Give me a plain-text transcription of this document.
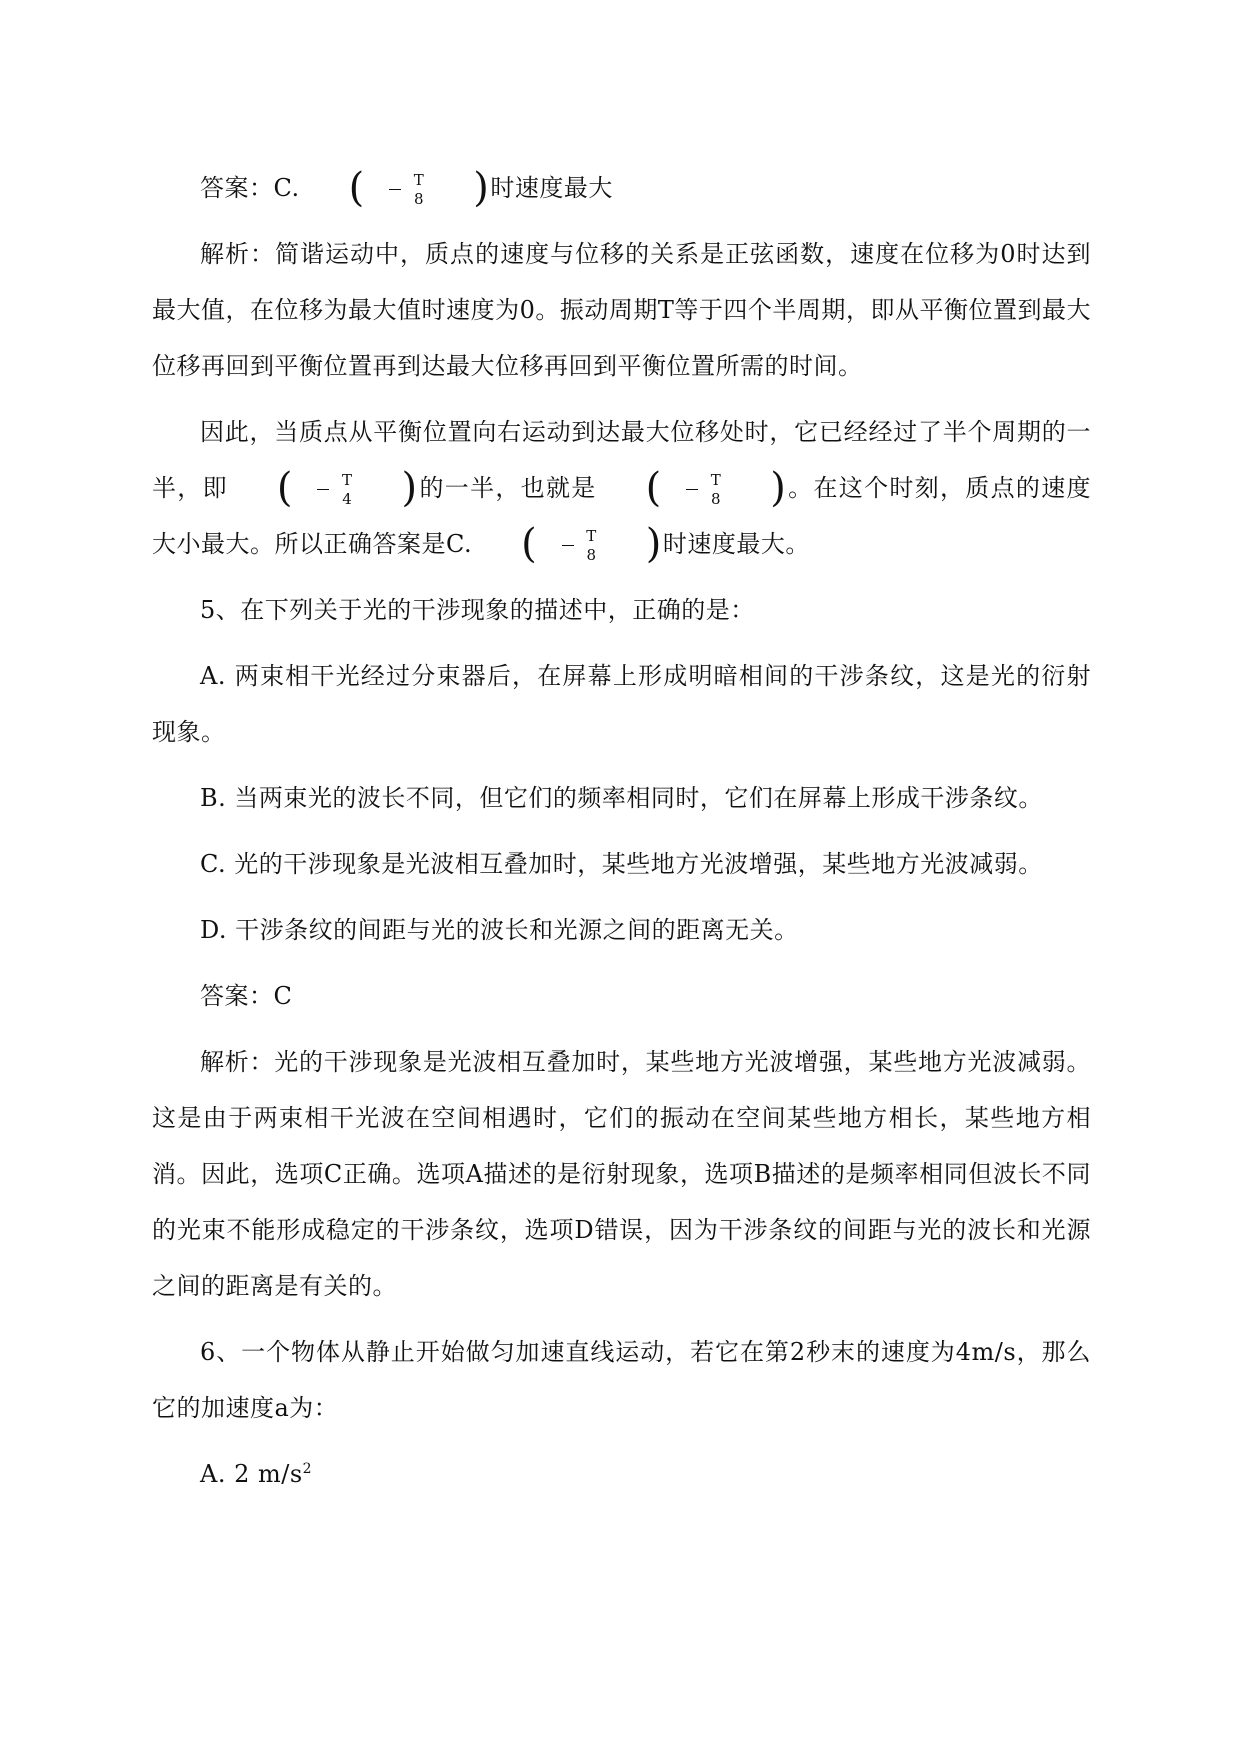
答案：C.	( $\frac{T}{8}$	) 时速度最大

解析：简谐运动中，质点的速度与位移的关系是正弦函数，速度在位移为0时达到最大值，在位移为最大值时速度为0。振动周期T等于四个半周期，即从平衡位置到最大位移再回到平衡位置再到达最大位移再回到平衡位置所需的时间。

因此，当质点从平衡位置向右运动到达最大位移处时，它已经经过了半个周期的一半，即	( $\frac{T}{4}$	) 的一半，也就是	( $\frac{T}{8}$	) 。在这个时刻，质点的速度大小最大。所以正确答案是C.	( $\frac{T}{8}$	) 时速度最大。

5、在下列关于光的干涉现象的描述中，正确的是：

A. 两束相干光经过分束器后，在屏幕上形成明暗相间的干涉条纹，这是光的衍射现象。

B. 当两束光的波长不同，但它们的频率相同时，它们在屏幕上形成干涉条纹。

C. 光的干涉现象是光波相互叠加时，某些地方光波增强，某些地方光波减弱。

D. 干涉条纹的间距与光的波长和光源之间的距离无关。

答案：C

解析：光的干涉现象是光波相互叠加时，某些地方光波增强，某些地方光波减弱。这是由于两束相干光波在空间相遇时，它们的振动在空间某些地方相长，某些地方相消。因此，选项C正确。选项A描述的是衍射现象，选项B描述的是频率相同但波长不同的光束不能形成稳定的干涉条纹，选项D错误，因为干涉条纹的间距与光的波长和光源之间的距离是有关的。

6、一个物体从静止开始做匀加速直线运动，若它在第2秒末的速度为4m/s，那么它的加速度a为：

A. 2 $m/s^2$
